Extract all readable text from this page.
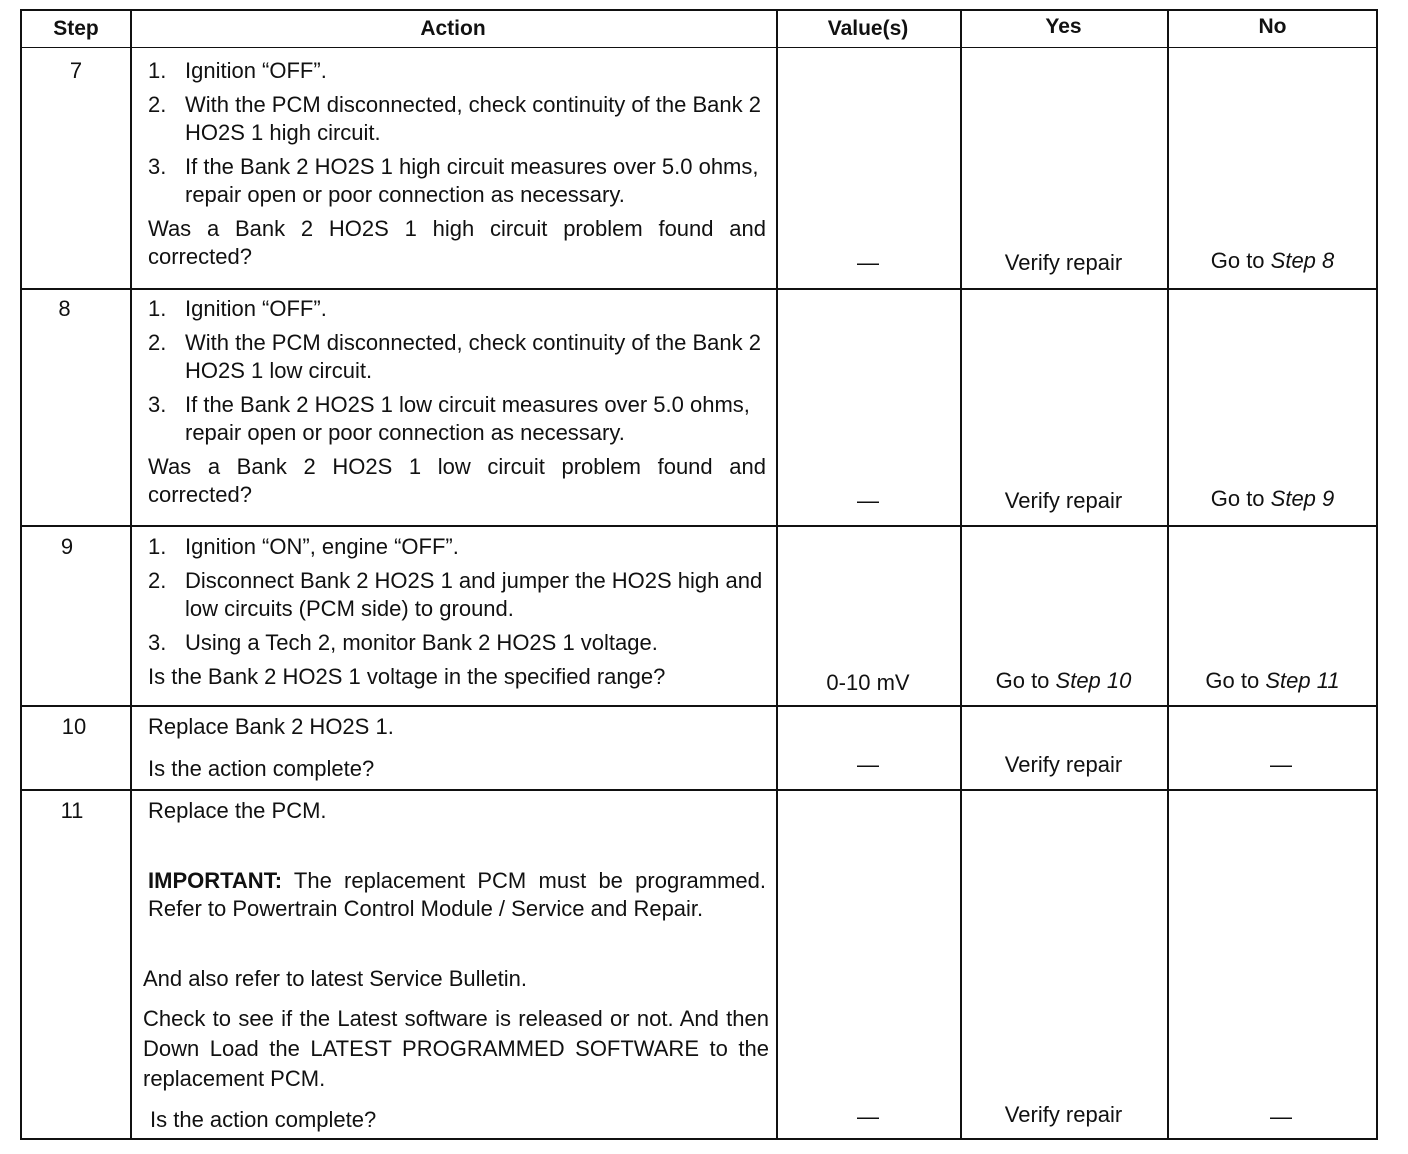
Step	Action	Value(s)	Yes	No
7	1. Ignition “OFF”.
2. With the PCM disconnected, check continuity of the Bank 2 HO2S 1 high circuit.
3. If the Bank 2 HO2S 1 high circuit measures over 5.0 ohms, repair open or poor connection as necessary.
Was a Bank 2 HO2S 1 high circuit problem found and corrected?	—	Verify repair	Go to Step 8
8	1. Ignition “OFF”.
2. With the PCM disconnected, check continuity of the Bank 2 HO2S 1 low circuit.
3. If the Bank 2 HO2S 1 low circuit measures over 5.0 ohms, repair open or poor connection as necessary.
Was a Bank 2 HO2S 1 low circuit problem found and corrected?	—	Verify repair	Go to Step 9
9	1. Ignition “ON”, engine “OFF”.
2. Disconnect Bank 2 HO2S 1 and jumper the HO2S high and low circuits (PCM side) to ground.
3. Using a Tech 2, monitor Bank 2 HO2S 1 voltage.
Is the Bank 2 HO2S 1 voltage in the specified range?	0-10 mV	Go to Step 10	Go to Step 11
10	Replace Bank 2 HO2S 1.
Is the action complete?	—	Verify repair	—
11	Replace the PCM.
IMPORTANT: The replacement PCM must be programmed. Refer to Powertrain Control Module / Service and Repair.
And also refer to latest Service Bulletin.
Check to see if the Latest software is released or not. And then Down Load the LATEST PROGRAMMED SOFTWARE to the replacement PCM.
Is the action complete?	—	Verify repair	—
